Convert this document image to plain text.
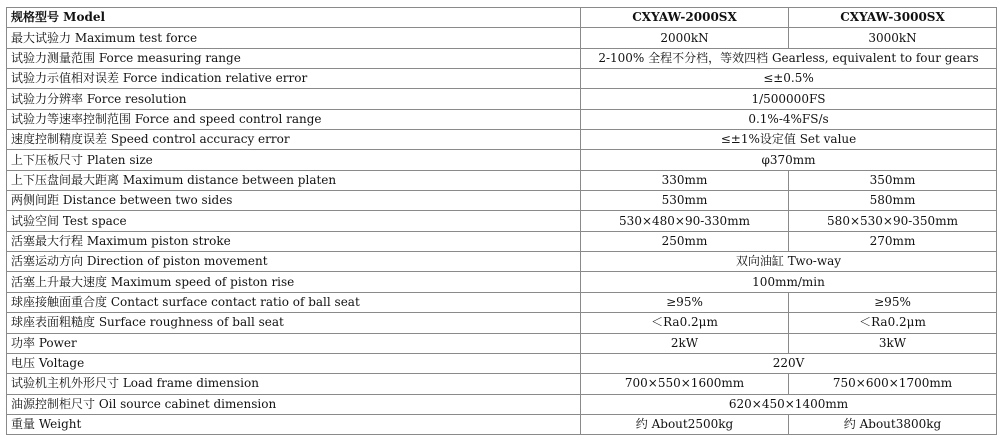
规格型号 Model	CXYAW-2000SX	CXYAW-3000SX
最大试验力 Maximum test force	2000kN	3000kN
试验力测量范围 Force measuring range	2-100% 全程不分档，等效四档 Gearless, equivalent to four gears	
试验力示值相对误差 Force indication relative error	≤±0.5%	
试验力分辨率 Force resolution	1/500000FS	
试验力等速率控制范围 Force and speed control range	0.1%-4%FS/s	
速度控制精度误差 Speed control accuracy error	≤±1%设定值 Set value	
上下压板尺寸 Platen size	φ370mm	
上下压盘间最大距离 Maximum distance between platen	330mm	350mm
两侧间距 Distance between two sides	530mm	580mm
试验空间 Test space	530×480×90-330mm	580×530×90-350mm
活塞最大行程 Maximum piston stroke	250mm	270mm
活塞运动方向 Direction of piston movement	双向油缸 Two-way	
活塞上升最大速度 Maximum speed of piston rise	100mm/min	
球座接触面重合度 Contact surface contact ratio of ball seat	≥95%	≥95%
球座表面粗糙度 Surface roughness of ball seat	＜Ra0.2μm	＜Ra0.2μm
功率 Power	2kW	3kW
电压 Voltage	220V	
试验机主机外形尺寸 Load frame dimension	700×550×1600mm	750×600×1700mm
油源控制柜尺寸 Oil source cabinet dimension	620×450×1400mm	
重量 Weight	约 About2500kg	约 About3800kg
